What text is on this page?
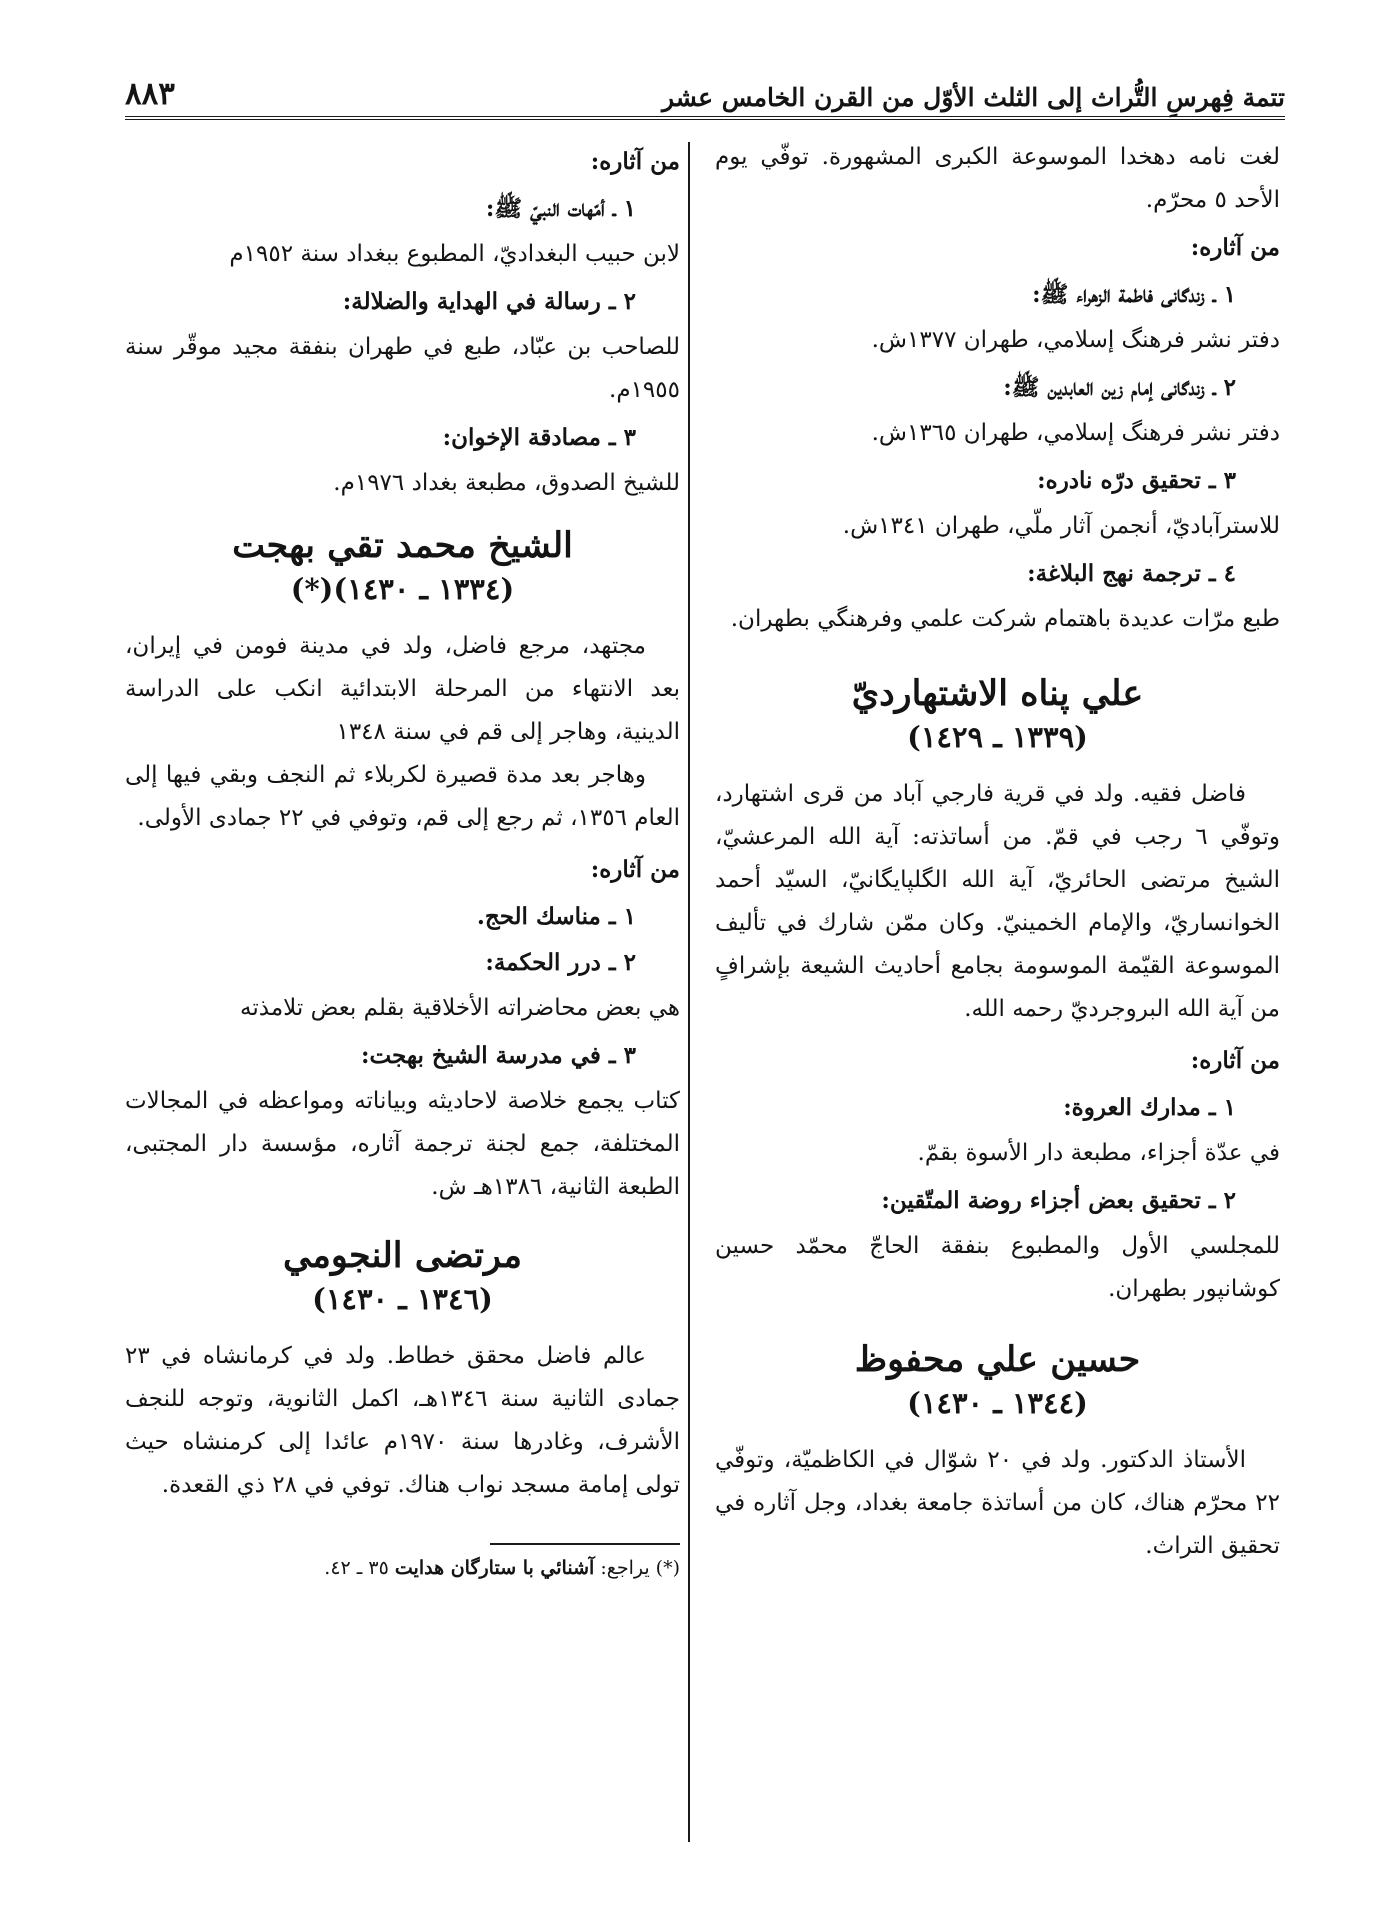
تتمة فِهرسِ التُّراث إلى الثلث الأوّل من القرن الخامس عشر
٨٨٣

لغت نامه دهخدا الموسوعة الكبرى المشهورة. توفّي يوم الأحد ٥ محرّم.

من آثاره:

١ ـ زندگانى فاطمة الزهراء ﷺ:

دفتر نشر فرهنگ إسلامي، طهران ١٣٧٧ش.

٢ ـ زندگانى إمام زين العابدين ﷺ:

دفتر نشر فرهنگ إسلامي، طهران ١٣٦٥ش.

٣ ـ تحقيق درّه نادره:

للاسترآباديّ، أنجمن آثار ملّي، طهران ١٣٤١ش.

٤ ـ ترجمة نهج البلاغة:

طبع مرّات عديدة باهتمام شركت علمي وفرهنگي بطهران.

علي پناه الاشتهارديّ
(١٣٣٩ ـ ١٤٢٩)

فاضل فقيه. ولد في قرية فارجي آباد من قرى اشتهارد، وتوفّي ٦ رجب في قمّ. من أساتذته: آية الله المرعشيّ، الشيخ مرتضى الحائريّ، آية الله الگلپايگانيّ، السيّد أحمد الخوانساريّ، والإمام الخمينيّ. وكان ممّن شارك في تأليف الموسوعة القيّمة الموسومة بجامع أحاديث الشيعة بإشرافٍ من آية الله البروجرديّ رحمه الله.

من آثاره:

١ ـ مدارك العروة:

في عدّة أجزاء، مطبعة دار الأسوة بقمّ.

٢ ـ تحقيق بعض أجزاء روضة المتّقين:

للمجلسي الأول والمطبوع بنفقة الحاجّ محمّد حسين كوشانپور بطهران.

حسين علي محفوظ
(١٣٤٤ ـ ١٤٣٠)

الأستاذ الدكتور. ولد في ٢٠ شوّال في الكاظميّة، وتوفّي ٢٢ محرّم هناك، كان من أساتذة جامعة بغداد، وجل آثاره في تحقيق التراث.

من آثاره:

١ ـ أمّهات النبيّ ﷺ:

لابن حبيب البغداديّ، المطبوع ببغداد سنة ١٩٥٢م

٢ ـ رسالة في الهداية والضلالة:

للصاحب بن عبّاد، طبع في طهران بنفقة مجيد موقّر سنة ١٩٥٥م.

٣ ـ مصادقة الإخوان:

للشيخ الصدوق، مطبعة بغداد ١٩٧٦م.

الشيخ محمد تقي بهجت
(١٣٣٤ ـ ١٤٣٠)(*)

مجتهد، مرجع فاضل، ولد في مدينة فومن في إيران، بعد الانتهاء من المرحلة الابتدائية انكب على الدراسة الدينية، وهاجر إلى قم في سنة ١٣٤٨

وهاجر بعد مدة قصيرة لكربلاء ثم النجف وبقي فيها إلى العام ١٣٥٦، ثم رجع إلى قم، وتوفي في ٢٢ جمادى الأولى.

من آثاره:

١ ـ مناسك الحج.

٢ ـ درر الحكمة:

هي بعض محاضراته الأخلاقية بقلم بعض تلامذته

٣ ـ في مدرسة الشيخ بهجت:

كتاب يجمع خلاصة لاحاديثه وبياناته ومواعظه في المجالات المختلفة، جمع لجنة ترجمة آثاره، مؤسسة دار المجتبى، الطبعة الثانية، ١٣٨٦هـ ش.

مرتضى النجومي
(١٣٤٦ ـ ١٤٣٠)

عالم فاضل محقق خطاط. ولد في كرمانشاه في ٢٣ جمادى الثانية سنة ١٣٤٦هـ، اكمل الثانوية، وتوجه للنجف الأشرف، وغادرها سنة ١٩٧٠م عائدا إلى كرمنشاه حيث تولى إمامة مسجد نواب هناك. توفي في ٢٨ ذي القعدة.

(*) يراجع: آشنائي با ستارگان هدايت ٣٥ ـ ٤٢.
